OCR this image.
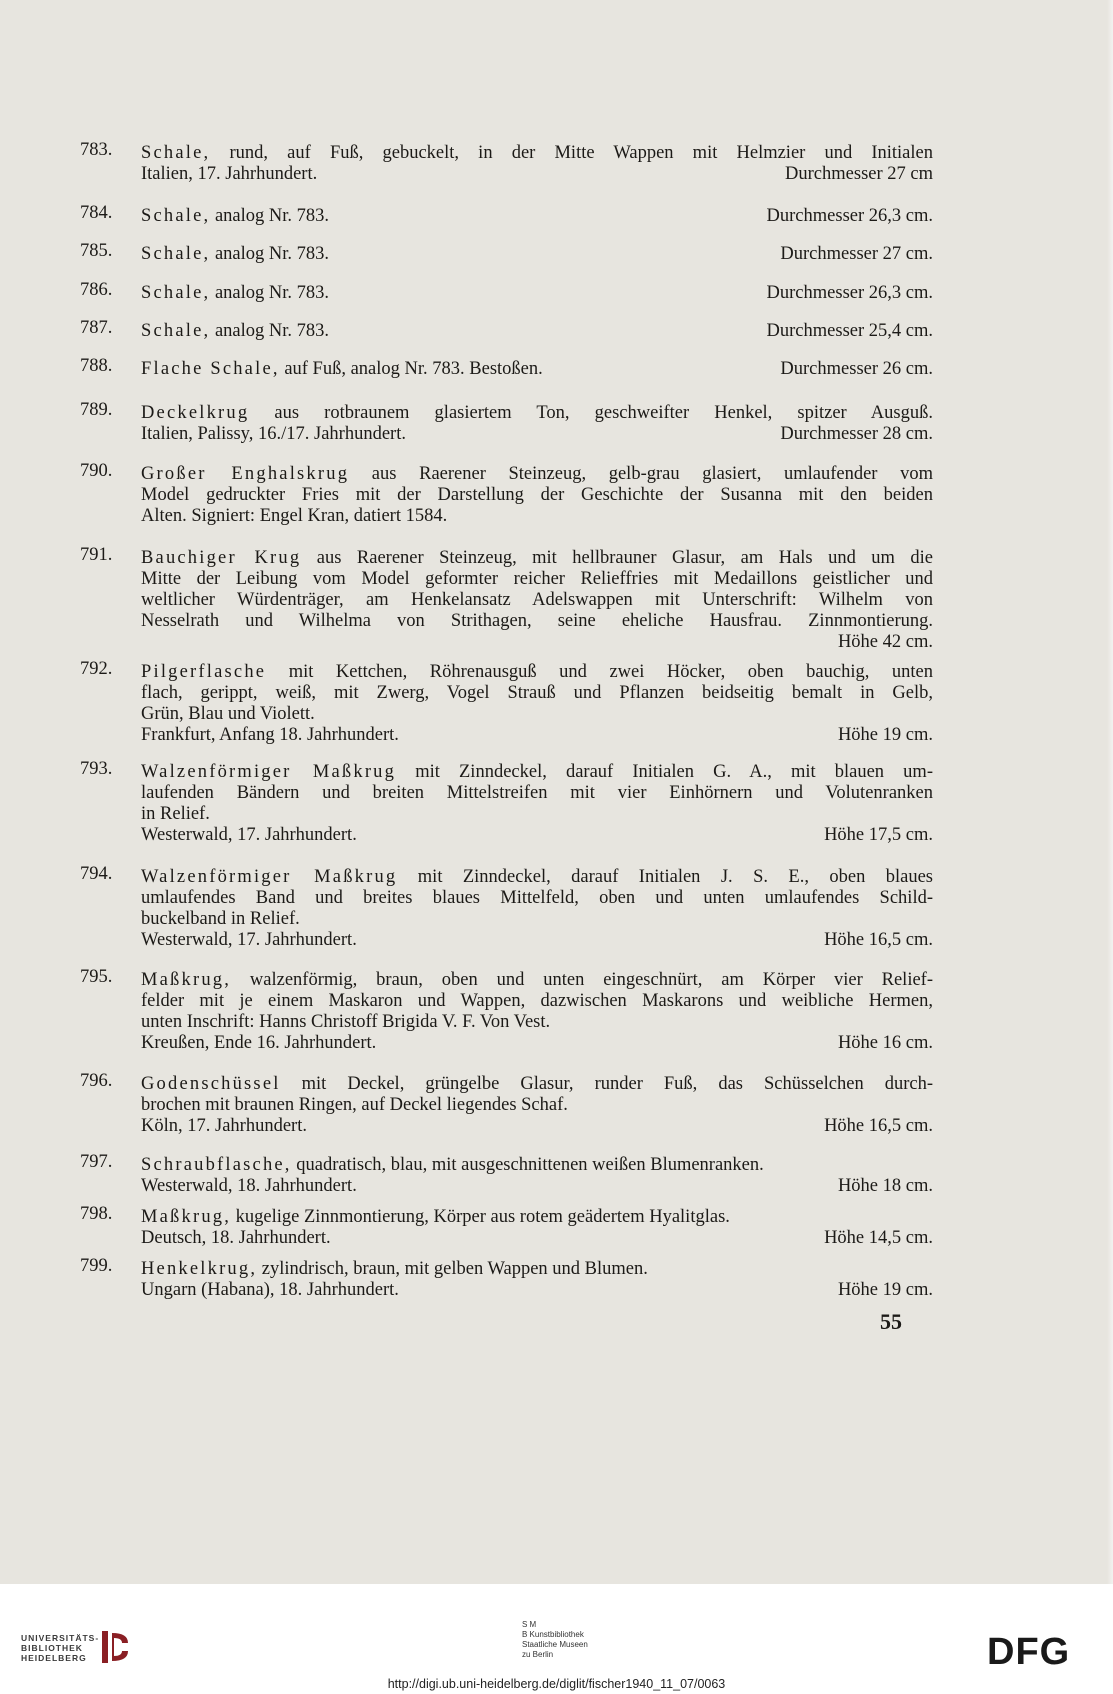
783. Schale, rund, auf Fuß, gebuckelt, in der Mitte Wappen mit Helmzier und Initialen
Italien, 17. Jahrhundert.	Durchmesser 27 cm
784. Schale, analog Nr. 783.	Durchmesser 26,3 cm.
785. Schale, analog Nr. 783.	Durchmesser 27 cm.
786. Schale, analog Nr. 783.	Durchmesser 26,3 cm.
787. Schale, analog Nr. 783.	Durchmesser 25,4 cm.
788. Flache Schale, auf Fuß, analog Nr. 783. Bestoßen.	Durchmesser 26 cm.
789. Deckelkrug aus rotbraunem glasiertem Ton, geschweifter Henkel, spitzer Ausguß.
Italien, Palissy, 16./17. Jahrhundert.	Durchmesser 28 cm.
790. Großer Enghalskrug aus Raerener Steinzeug, gelb-grau glasiert, umlaufender vom
Model gedruckter Fries mit der Darstellung der Geschichte der Susanna mit den beiden
Alten. Signiert: Engel Kran, datiert 1584.
791. Bauchiger Krug aus Raerener Steinzeug, mit hellbrauner Glasur, am Hals und um die
Mitte der Leibung vom Model geformter reicher Relieffries mit Medaillons geistlicher und
weltlicher Würdenträger, am Henkelansatz Adelswappen mit Unterschrift: Wilhelm von
Nesselrath und Wilhelma von Strithagen, seine eheliche Hausfrau. Zinnmontierung.
Höhe 42 cm.
792. Pilgerflasche mit Kettchen, Röhrenausguß und zwei Höcker, oben bauchig, unten
flach, gerippt, weiß, mit Zwerg, Vogel Strauß und Pflanzen beidseitig bemalt in Gelb,
Grün, Blau und Violett.
Frankfurt, Anfang 18. Jahrhundert.	Höhe 19 cm.
793. Walzenförmiger Maßkrug mit Zinndeckel, darauf Initialen G. A., mit blauen um-
laufenden Bändern und breiten Mittelstreifen mit vier Einhörnern und Volutenranken
in Relief.
Westerwald, 17. Jahrhundert.	Höhe 17,5 cm.
794. Walzenförmiger Maßkrug mit Zinndeckel, darauf Initialen J. S. E., oben blaues
umlaufendes Band und breites blaues Mittelfeld, oben und unten umlaufendes Schild-
buckelband in Relief.
Westerwald, 17. Jahrhundert.	Höhe 16,5 cm.
795. Maßkrug, walzenförmig, braun, oben und unten eingeschnürt, am Körper vier Relief-
felder mit je einem Maskaron und Wappen, dazwischen Maskarons und weibliche Hermen,
unten Inschrift: Hanns Christoff Brigida V. F. Von Vest.
Kreußen, Ende 16. Jahrhundert.	Höhe 16 cm.
796. Godenschüssel mit Deckel, grüngelbe Glasur, runder Fuß, das Schüsselchen durch-
brochen mit braunen Ringen, auf Deckel liegendes Schaf.
Köln, 17. Jahrhundert.	Höhe 16,5 cm.
797. Schraubflasche, quadratisch, blau, mit ausgeschnittenen weißen Blumenranken.
Westerwald, 18. Jahrhundert.	Höhe 18 cm.
798. Maßkrug, kugelige Zinnmontierung, Körper aus rotem geädertem Hyalitglas.
Deutsch, 18. Jahrhundert.	Höhe 14,5 cm.
799. Henkelkrug, zylindrisch, braun, mit gelben Wappen und Blumen.
Ungarn (Habana), 18. Jahrhundert.	Höhe 19 cm.
55
UNIVERSITÄTS-
BIBLIOTHEK
HEIDELBERG
S M
B Kunstbibliothek
Staatliche Museen
zu Berlin	DFG
http://digi.ub.uni-heidelberg.de/diglit/fischer1940_11_07/0063
